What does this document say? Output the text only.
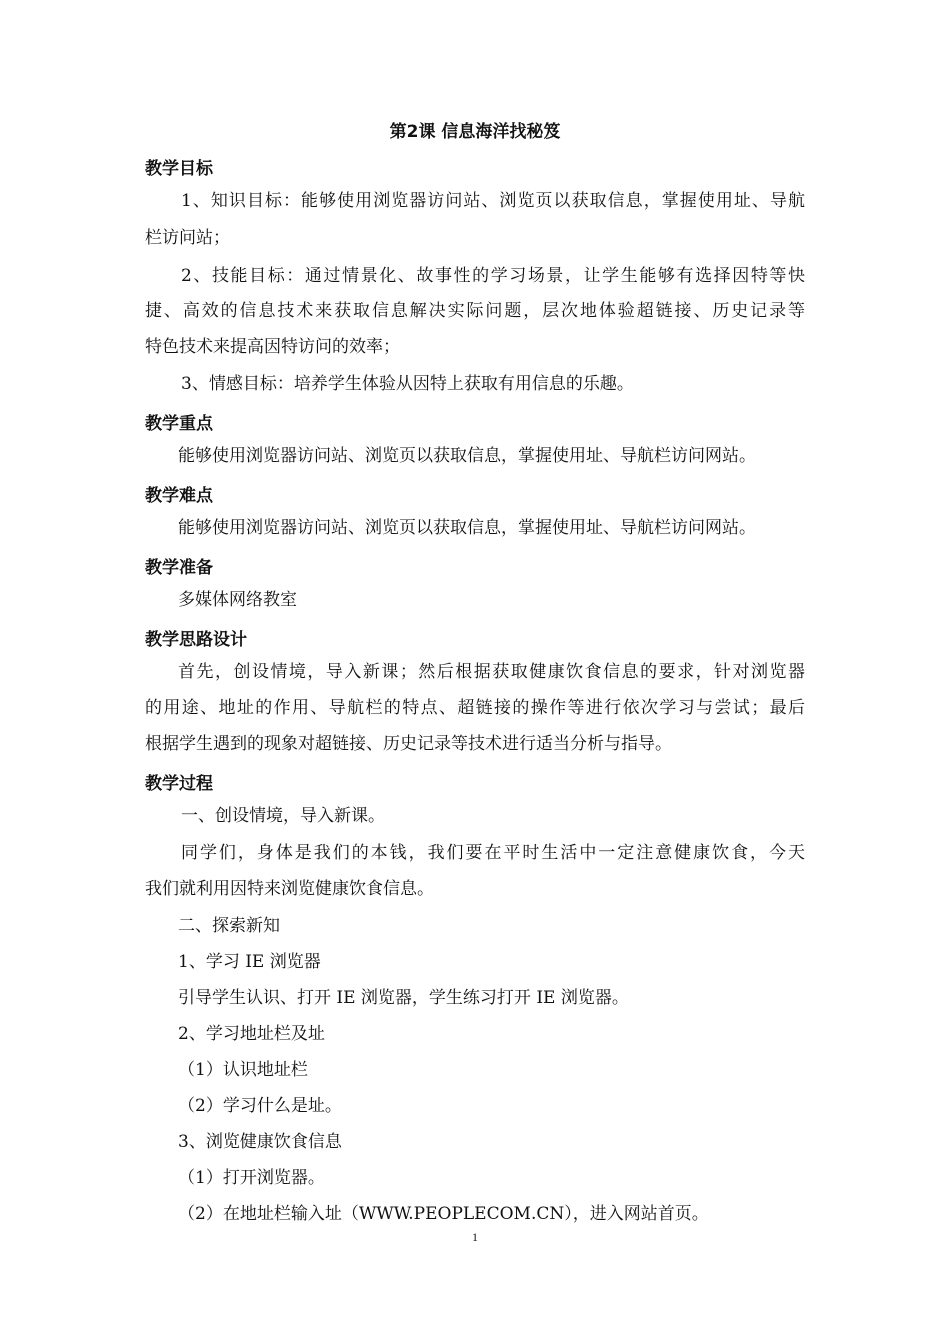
第2课 信息海洋找秘笈
教学目标
1、知识目标：能够使用浏览器访问站、浏览页以获取信息，掌握使用址、导航
栏访问站；
2、技能目标：通过情景化、故事性的学习场景，让学生能够有选择因特等快
捷、高效的信息技术来获取信息解决实际问题，层次地体验超链接、历史记录等
特色技术来提高因特访问的效率；
3、情感目标：培养学生体验从因特上获取有用信息的乐趣。
教学重点
能够使用浏览器访问站、浏览页以获取信息，掌握使用址、导航栏访问网站。
教学难点
能够使用浏览器访问站、浏览页以获取信息，掌握使用址、导航栏访问网站。
教学准备
多媒体网络教室
教学思路设计
首先，创设情境，导入新课；然后根据获取健康饮食信息的要求，针对浏览器
的用途、地址的作用、导航栏的特点、超链接的操作等进行依次学习与尝试；最后
根据学生遇到的现象对超链接、历史记录等技术进行适当分析与指导。
教学过程
一、创设情境，导入新课。
同学们，身体是我们的本钱，我们要在平时生活中一定注意健康饮食，今天
我们就利用因特来浏览健康饮食信息。
二、探索新知
1、学习 IE 浏览器
引导学生认识、打开 IE 浏览器，学生练习打开 IE 浏览器。
2、学习地址栏及址
（1）认识地址栏
（2）学习什么是址。
3、浏览健康饮食信息
（1）打开浏览器。
（2）在地址栏输入址（WWW.PEOPLECOM.CN），进入网站首页。
1
